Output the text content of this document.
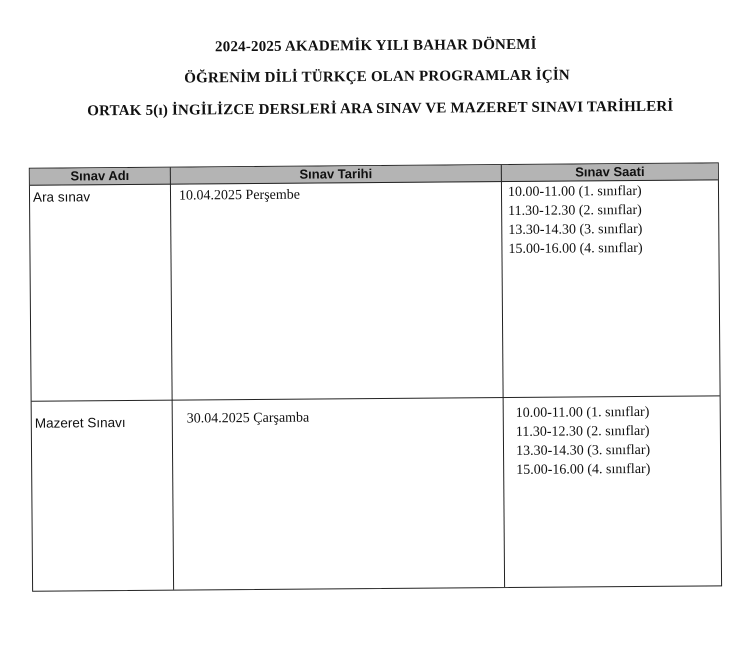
2024-2025 AKADEMİK YILI BAHAR DÖNEMİ
ÖĞRENİM DİLİ TÜRKÇE OLAN PROGRAMLAR İÇİN
ORTAK 5(ı) İNGİLİZCE DERSLERİ ARA SINAV VE MAZERET SINAVI TARİHLERİ
Sınav Adı	Sınav Tarihi	Sınav Saati
Ara sınav	10.04.2025 Perşembe	10.00-11.00 (1. sınıflar)
11.30-12.30 (2. sınıflar)
13.30-14.30 (3. sınıflar)
15.00-16.00 (4. sınıflar)
Mazeret Sınavı	30.04.2025 Çarşamba	10.00-11.00 (1. sınıflar)
11.30-12.30 (2. sınıflar)
13.30-14.30 (3. sınıflar)
15.00-16.00 (4. sınıflar)
